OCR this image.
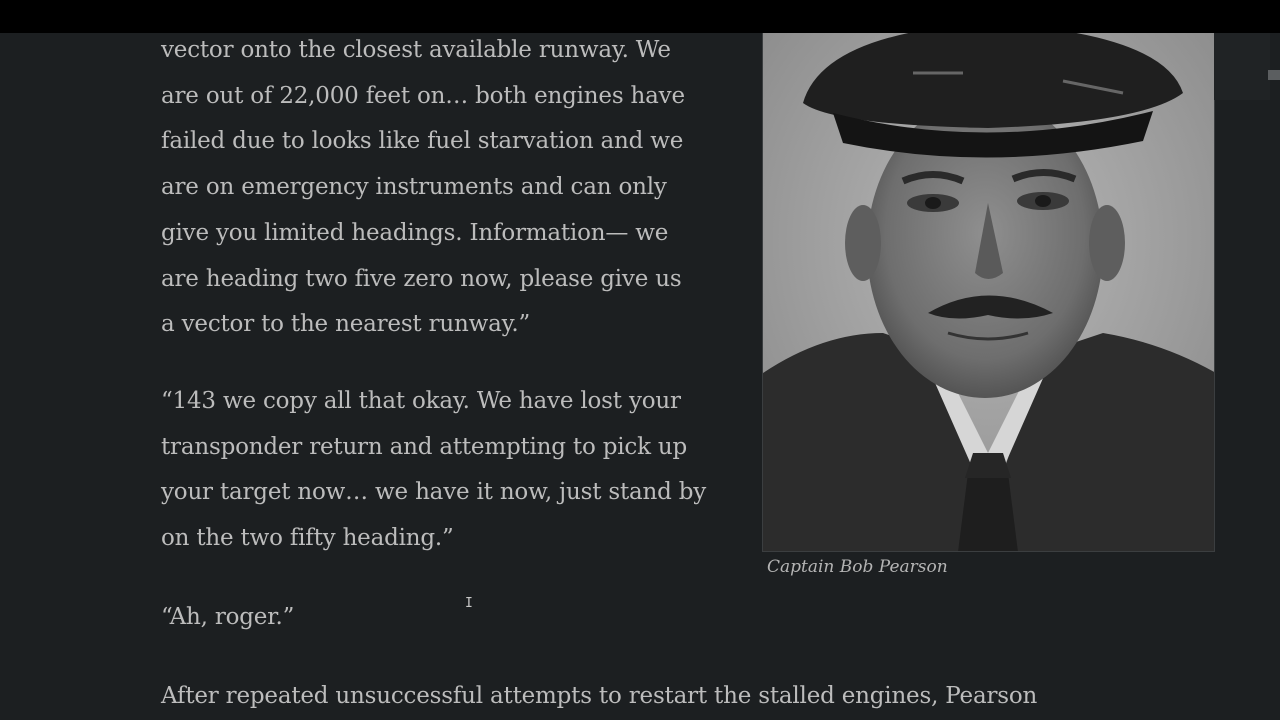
vector onto the closest available runway. We
are out of 22,000 feet on… both engines have
failed due to looks like fuel starvation and we
are on emergency instruments and can only
give you limited headings. Information— we
are heading two five zero now, please give us
a vector to the nearest runway.”

“143 we copy all that okay. We have lost your
transponder return and attempting to pick up
your target now… we have it now, just stand by
on the two fifty heading.”

“Ah, roger.”

After repeated unsuccessful attempts to restart the stalled engines, Pearson

Captain Bob Pearson
I
